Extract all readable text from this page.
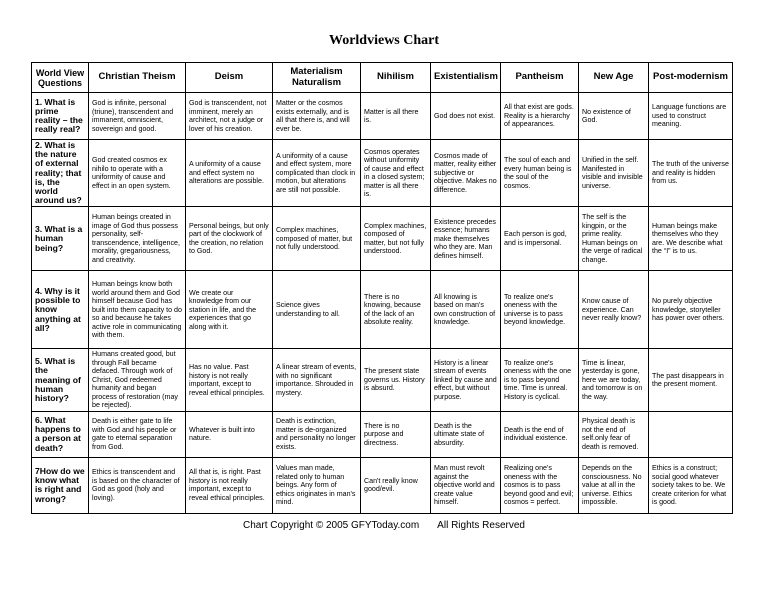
Worldviews Chart
World View Questions	Christian Theism	Deism	Materialism Naturalism	Nihilism	Existentialism	Pantheism	New Age	Post-modernism
1. What is prime reality – the really real?	God is infinite, personal (triune), transcendent and immanent, omniscient, sovereign and good.	God is transcendent, not imminent, merely an architect, not a judge or lover of his creation.	Matter or the cosmos exists externally, and is all that there is, and will ever be.	Matter is all there is.	God does not exist.	All that exist are gods. Reality is a hierarchy of appearances.	No existence of God.	Language functions are used to construct meaning.
2. What is the nature of external reality; that is, the world around us?	God created cosmos ex nihilo to operate with a uniformity of cause and effect in an open system.	A uniformity of a cause and effect system no alterations are possible.	A uniformity of a cause and effect system, more complicated than clock in motion, but alterations are still not possible.	Cosmos operates without uniformity of cause and effect in a closed system; matter is all there is.	Cosmos made of matter, reality either subjective or objective. Makes no difference.	The soul of each and every human being is the soul of the cosmos.	Unified in the self. Manifested in visible and invisible universe.	The truth of the universe and reality is hidden from us.
3. What is a human being?	Human beings created in image of God thus possess personality, self-transcendence, intelligence, morality, gregariousness, and creativity.	Personal beings, but only part of the clockwork of the creation, no relation to God.	Complex machines, composed of matter, but not fully understood.	Complex machines, composed of matter, but not fully understood.	Existence precedes essence; humans make themselves who they are. Man defines himself.	Each person is god, and is impersonal.	The self is the kingpin, or the prime reality. Human beings on the verge of radical change.	Human beings make themselves who they are. We describe what the “I” is to us.
4. Why is it possible to know anything at all?	Human beings know both world around them and God himself because God has built into them capacity to do so and because he takes active role in communicating with them.	We create our knowledge from our station in life, and the experiences that go along with it.	Science gives understanding to all.	There is no knowing, because of the lack of an absolute reality.	All knowing is based on man's own construction of knowledge.	To realize one's oneness with the universe is to pass beyond knowledge.	Know cause of experience. Can never really know?	No purely objective knowledge, storyteller has power over others.
5. What is the meaning of human history?	Humans created good, but through Fall became defaced. Through work of Christ, God redeemed humanity and began process of restoration (may be rejected).	Has no value. Past history is not really important, except to reveal ethical principles.	A linear stream of events, with no significant importance. Shrouded in mystery.	The present state governs us. History is absurd.	History is a linear stream of events linked by cause and effect, but without purpose.	To realize one's oneness with the one is to pass beyond time. Time is unreal. History is cyclical.	Time is linear, yesterday is gone, here we are today, and tomorrow is on the way.	The past disappears in the present moment.
6. What happens to a person at death?	Death is either gate to life with God and his people or gate to eternal separation from God.	Whatever is built into nature.	Death is extinction, matter is de-organized and personality no longer exists.	There is no purpose and directness.	Death is the ultimate state of absurdity.	Death is the end of individual existence.	Physical death is not the end of self.only fear of death is removed.	
7How do we know what is right and wrong?	Ethics is transcendent and is based on the character of God as good (holy and loving).	All that is, is right. Past history is not really important, except to reveal ethical principles.	Values man made, related only to human beings. Any form of ethics originates in man's mind.	Can't really know good/evil.	Man must revolt against the objective world and create value himself.	Realizing one's oneness with the cosmos is to pass beyond good and evil; cosmos = perfect.	Depends on the consciousness. No value at all in the universe. Ethics impossible.	Ethics is a construct; social good whatever society takes to be. We create criterion for what is good.
Chart Copyright © 2005 GFYToday.com All Rights Reserved
